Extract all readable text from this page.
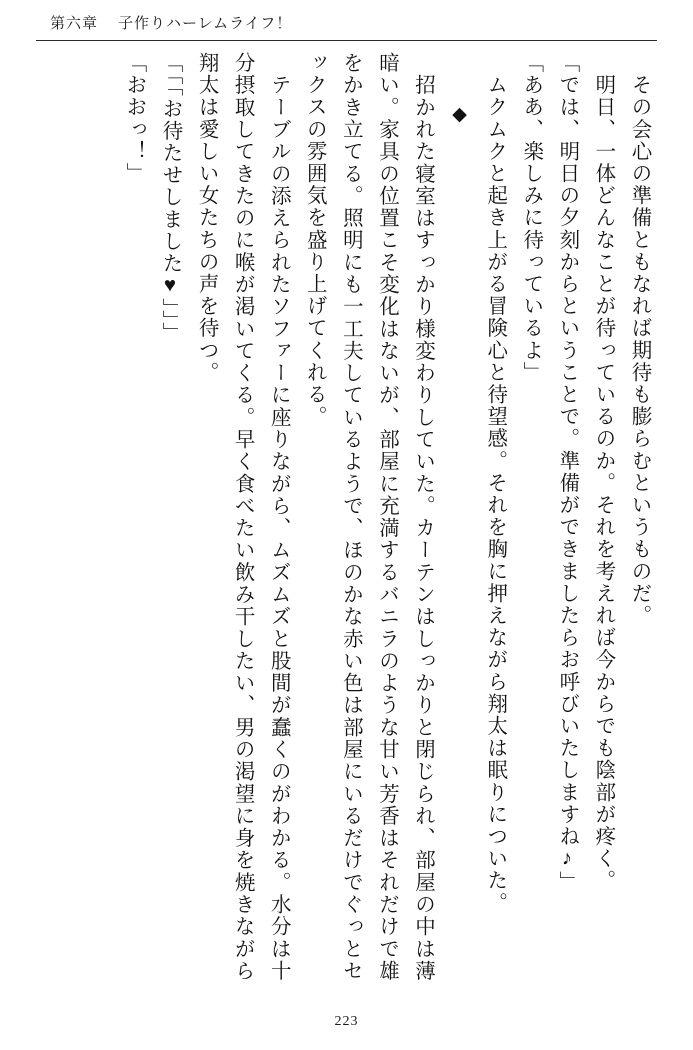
第六章 子作りハーレムライフ！

　その会心の準備ともなれば期待も膨らむというものだ。

　明日、一体どんなことが待っているのか。それを考えれば今からでも陰部が疼く。

「では、明日の夕刻からということで。準備ができましたらお呼びいたしますね♪」

「ああ、楽しみに待っているよ」

　ムクムクと起き上がる冒険心と待望感。それを胸に押えながら翔太は眠りについた。

◆

　招かれた寝室はすっかり様変わりしていた。カーテンはしっかりと閉じられ、部屋の中は薄暗い。家具の位置こそ変化はないが、部屋に充満するバニラのような甘い芳香はそれだけで雄をかき立てる。照明にも一工夫しているようで、ほのかな赤い色は部屋にいるだけでぐっとセックスの雰囲気を盛り上げてくれる。

　テーブルの添えられたソファーに座りながら、ムズムズと股間が蠢くのがわかる。水分は十分摂取してきたのに喉が渇いてくる。早く食べたい飲み干したい、男の渇望に身を焼きながら翔太は愛しい女たちの声を待つ。

「「「お待たせしました♥」」」

「おおっ！」

223
